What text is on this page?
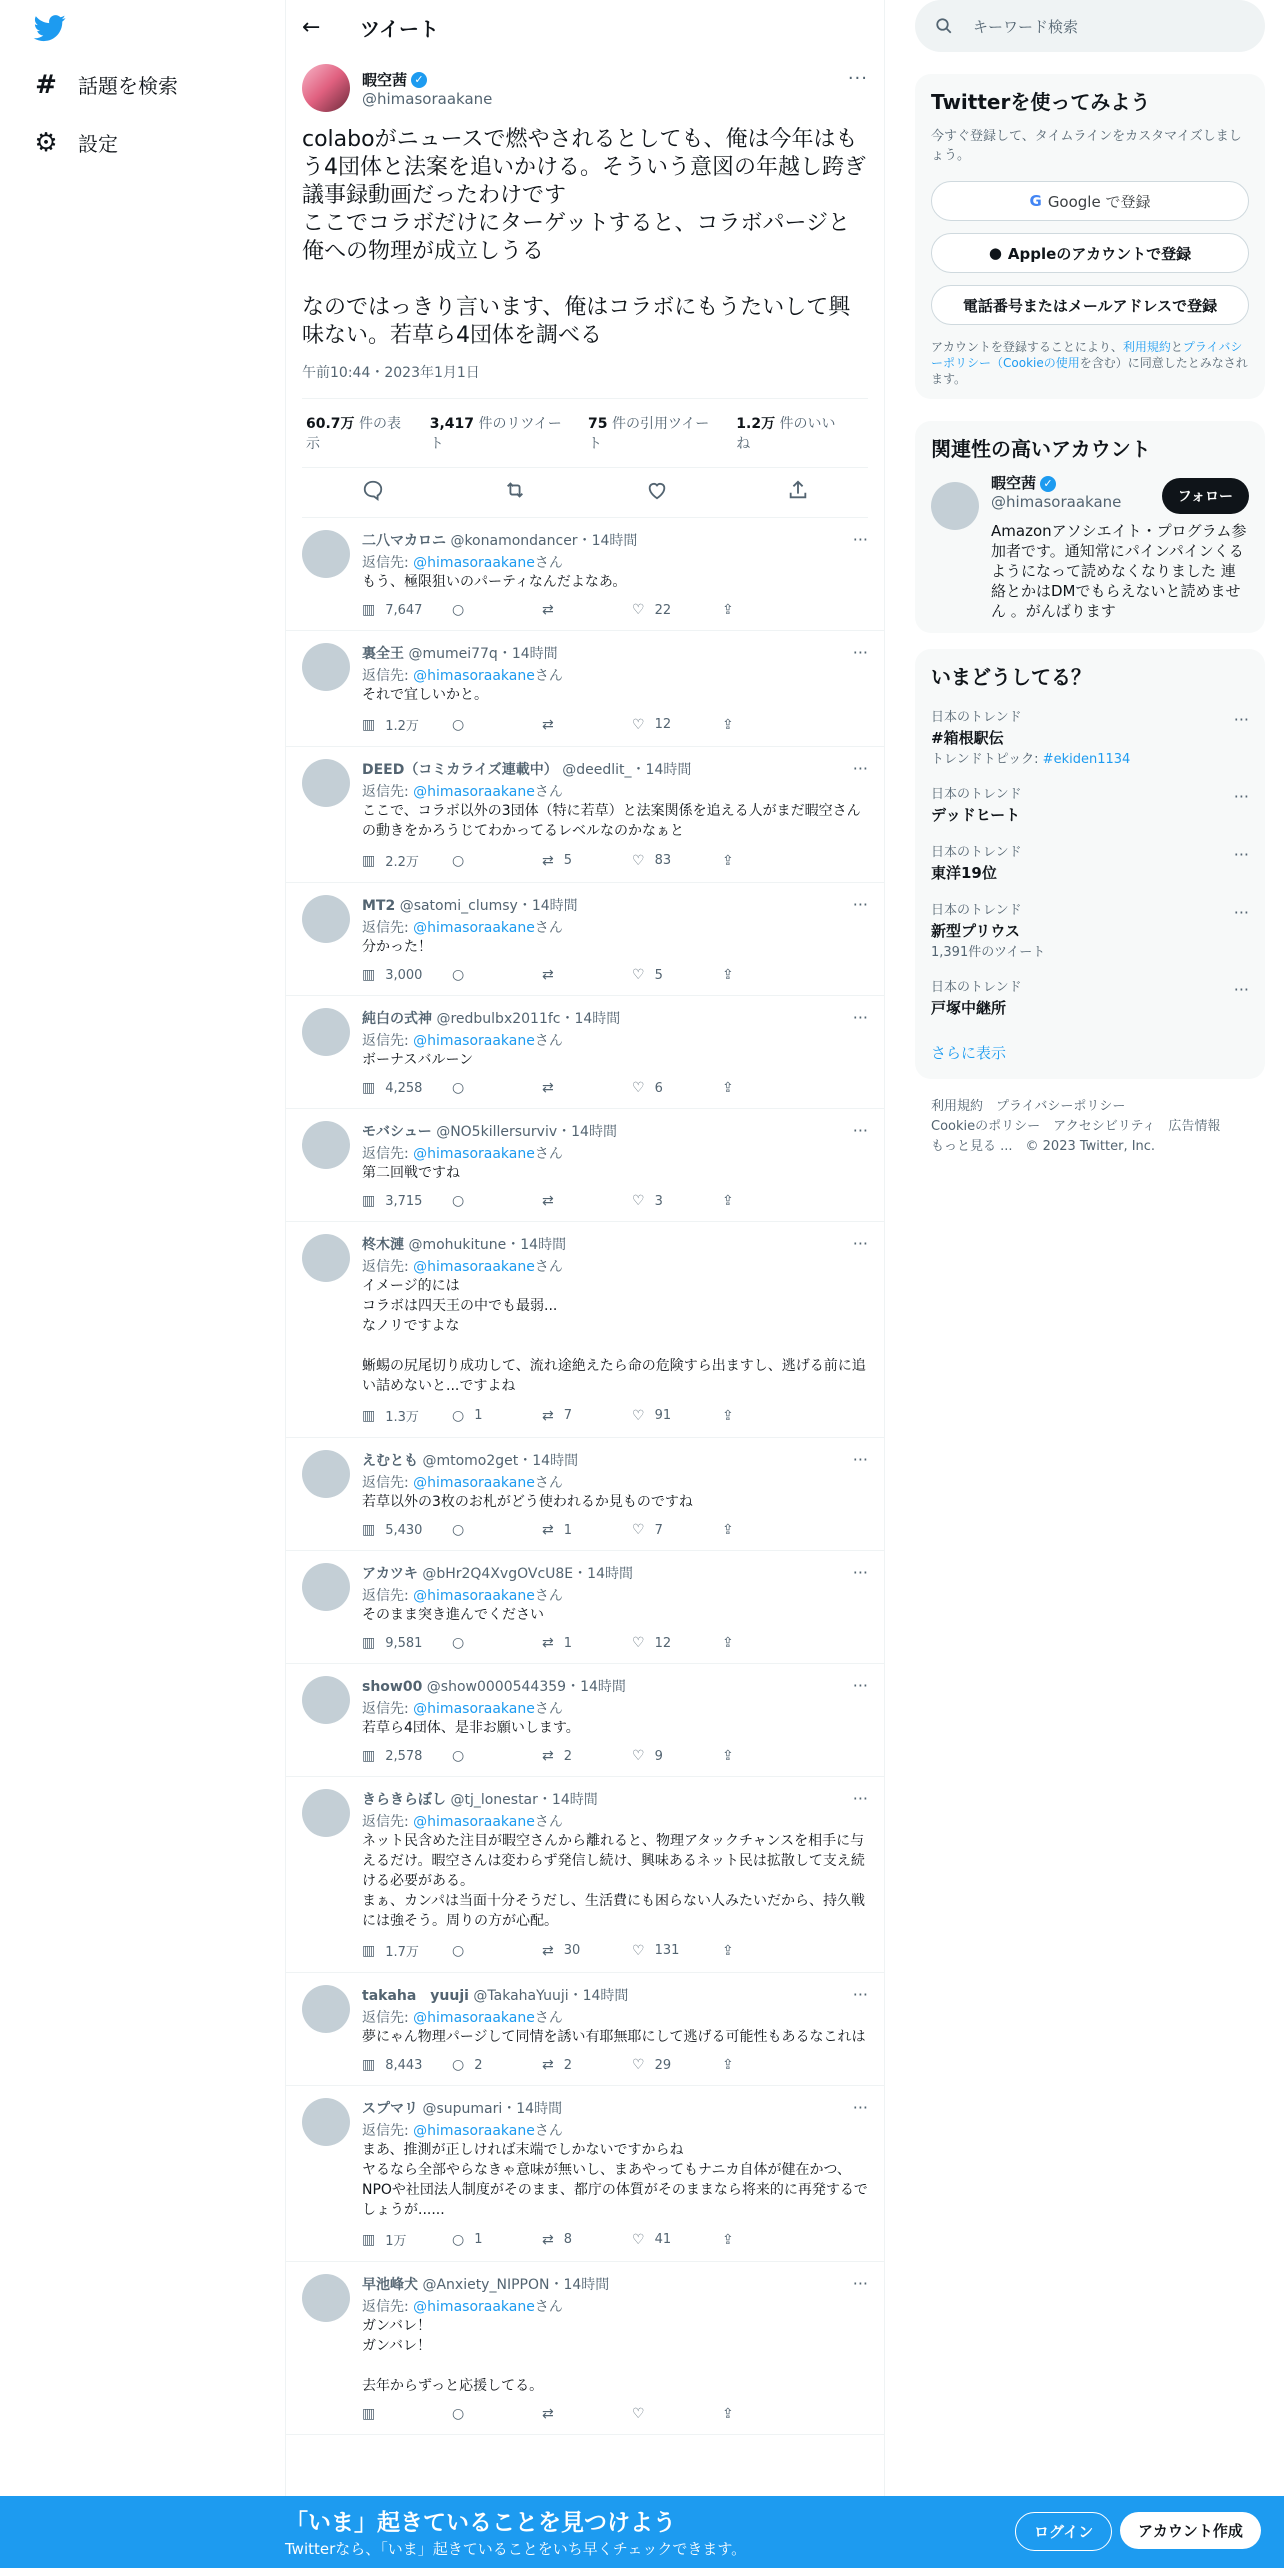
# 話題を検索
⚙ 設定
←	ツイート
暇空茜 ✓
@himasoraakane
···
colaboがニュースで燃やされるとしても、俺は今年はもう4団体と法案を追いかける。そういう意図の年越し跨ぎ議事録動画だったわけです
ここでコラボだけにターゲットすると、コラボパージと俺への物理が成立しうる

なのではっきり言います、俺はコラボにもうたいして興味ない。若草ら4団体を調べる
午前10:44・2023年1月1日
60.7万 件の表示
3,417 件のリツイート
75 件の引用ツイート
1.2万 件のいいね
···
二八マカロニ @konamondancer・14時間
返信先: @himasoraakaneさん
もう、極限狙いのパーティなんだよなあ。
▥ 7,647 ○	⇄	♡ 22	⇪
···
裏全王 @mumei77q・14時間
返信先: @himasoraakaneさん
それで宜しいかと。
▥ 1.2万 ○	⇄	♡ 12	⇪
···
DEED（コミカライズ連載中） @deedlit_・14時間
返信先: @himasoraakaneさん
ここで、コラボ以外の3団体（特に若草）と法案関係を追える人がまだ暇空さんの動きをかろうじてわかってるレベルなのかなぁと
▥ 2.2万 ○	⇄ 5	♡ 83	⇪
···
MT2 @satomi_clumsy・14時間
返信先: @himasoraakaneさん
分かった！
▥ 3,000 ○	⇄	♡ 5	⇪
···
純白の式神 @redbulbx2011fc・14時間
返信先: @himasoraakaneさん
ボーナスバルーン
▥ 4,258 ○	⇄	♡ 6	⇪
···
モバシュー @NO5killersurviv・14時間
返信先: @himasoraakaneさん
第二回戦ですね
▥ 3,715 ○	⇄	♡ 3	⇪
···
柊木漣 @mohukitune・14時間
返信先: @himasoraakaneさん
イメージ的には
コラボは四天王の中でも最弱...
なノリですよな

蜥蜴の尻尾切り成功して、流れ途絶えたら命の危険すら出ますし、逃げる前に追い詰めないと...ですよね
▥ 1.3万 ○ 1	⇄ 7	♡ 91	⇪
···
えむとも @mtomo2get・14時間
返信先: @himasoraakaneさん
若草以外の3枚のお札がどう使われるか見ものですね
▥ 5,430 ○	⇄ 1	♡ 7	⇪
···
アカツキ @bHr2Q4XvgOVcU8E・14時間
返信先: @himasoraakaneさん
そのまま突き進んでください
▥ 9,581 ○	⇄ 1	♡ 12	⇪
···
show00 @show0000544359・14時間
返信先: @himasoraakaneさん
若草ら4団体、是非お願いします。
▥ 2,578 ○	⇄ 2	♡ 9	⇪
···
きらきらぼし @tj_lonestar・14時間
返信先: @himasoraakaneさん
ネット民含めた注目が暇空さんから離れると、物理アタックチャンスを相手に与えるだけ。暇空さんは変わらず発信し続け、興味あるネット民は拡散して支え続ける必要がある。
まぁ、カンパは当面十分そうだし、生活費にも困らない人みたいだから、持久戦には強そう。周りの方が心配。
▥ 1.7万 ○	⇄ 30	♡ 131	⇪
···
takaha　yuuji @TakahaYuuji・14時間
返信先: @himasoraakaneさん
夢にゃん物理パージして同情を誘い有耶無耶にして逃げる可能性もあるなこれは
▥ 8,443 ○ 2	⇄ 2	♡ 29	⇪
···
スプマリ @supumari・14時間
返信先: @himasoraakaneさん
まあ、推測が正しければ末端でしかないですからね
ヤるなら全部やらなきゃ意味が無いし、まあやってもナニカ自体が健在かつ、NPOや社団法人制度がそのまま、都庁の体質がそのままなら将来的に再発するでしょうが......
▥ 1万	○ 1	⇄ 8	♡ 41	⇪
···
早池峰犬 @Anxiety_NIPPON・14時間
返信先: @himasoraakaneさん
ガンバレ！
ガンバレ！

去年からずっと応援してる。
▥	○	⇄	♡	⇪
キーワード検索
Twitterを使ってみよう
今すぐ登録して、タイムラインをカスタマイズしましょう。
G Google で登録
● Appleのアカウントで登録
電話番号またはメールアドレスで登録
アカウントを登録することにより、利用規約とプライバシーポリシー（Cookieの使用を含む）に同意したとみなされます。
関連性の高いアカウント
暇空茜 ✓
@himasoraakane
Amazonアソシエイト・プログラム参加者です。通知常にパインパインくるようになって読めなくなりました 連絡とかはDMでもらえないと読めません 。がんばります
フォロー
いまどうしてる？
日本のトレンド
#箱根駅伝
トレンドトピック: #ekiden1134
···
日本のトレンド
デッドヒート
···
日本のトレンド
東洋19位
···
日本のトレンド
新型プリウス
1,391件のツイート
···
日本のトレンド
戸塚中継所
···
さらに表示
利用規約　プライバシーポリシー
Cookieのポリシー　アクセシビリティ　広告情報
もっと見る ...　© 2023 Twitter, Inc.
「いま」起きていることを見つけよう
Twitterなら、「いま」起きていることをいち早くチェックできます。
ログイン	アカウント作成
